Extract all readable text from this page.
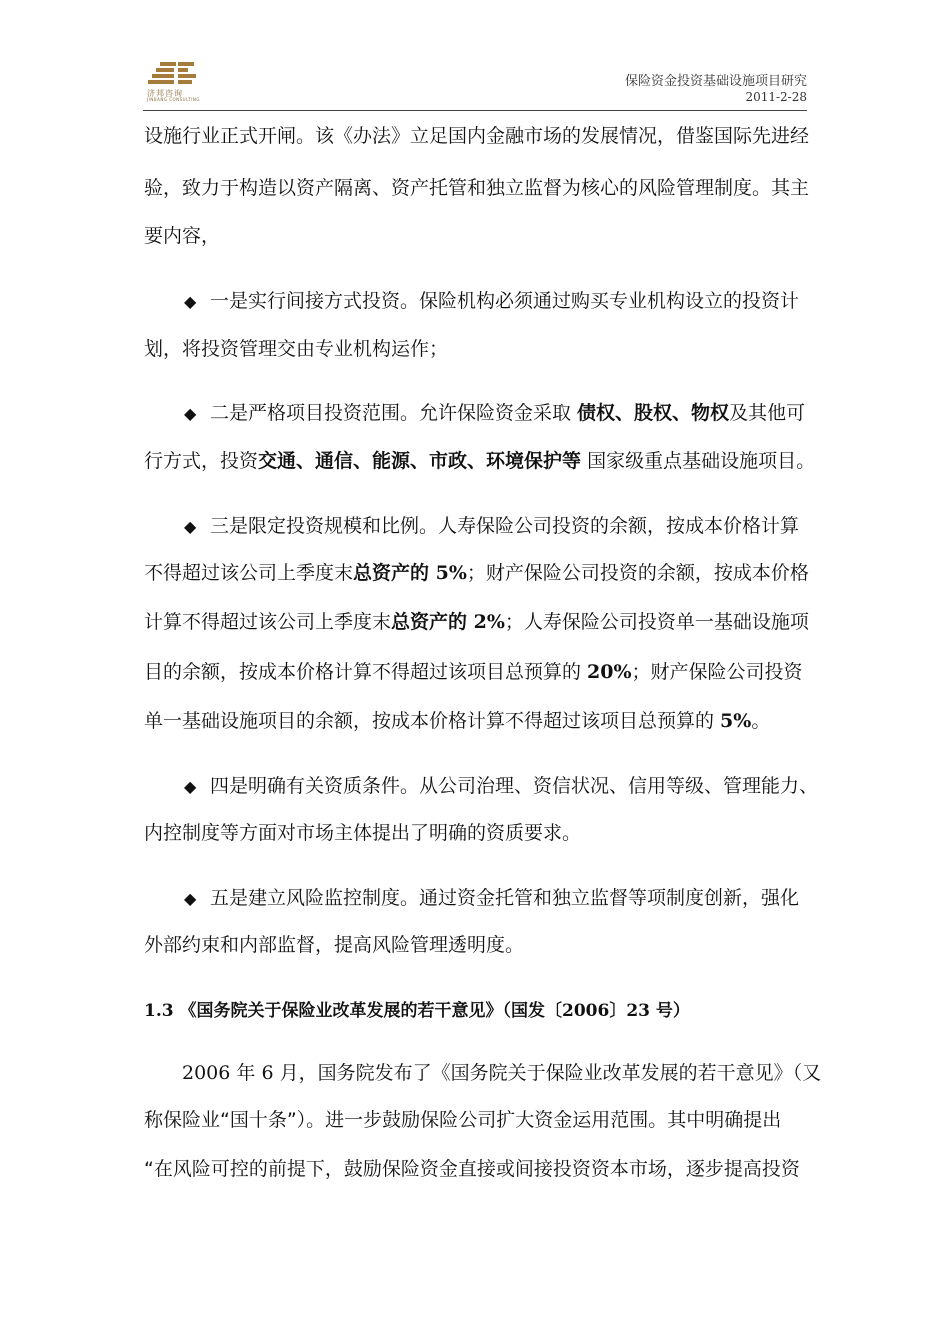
济邦咨询
JINBANG CONSULTING
保险资金投资基础设施项目研究
2011-2-28
设施行业正式开闸。该《办法》立足国内金融市场的发展情况，借鉴国际先进经
验，致力于构造以资产隔离、资产托管和独立监督为核心的风险管理制度。其主
要内容，
◆ 一是实行间接方式投资。保险机构必须通过购买专业机构设立的投资计
划，将投资管理交由专业机构运作；
◆ 二是严格项目投资范围。允许保险资金采取 债权、股权、物权及其他可
行方式，投资交通、通信、能源、市政、环境保护等 国家级重点基础设施项目。
◆ 三是限定投资规模和比例。人寿保险公司投资的余额，按成本价格计算
不得超过该公司上季度末总资产的 5%；财产保险公司投资的余额，按成本价格
计算不得超过该公司上季度末总资产的 2%；人寿保险公司投资单一基础设施项
目的余额，按成本价格计算不得超过该项目总预算的 20%；财产保险公司投资
单一基础设施项目的余额，按成本价格计算不得超过该项目总预算的 5%。
◆ 四是明确有关资质条件。从公司治理、资信状况、信用等级、管理能力、
内控制度等方面对市场主体提出了明确的资质要求。
◆ 五是建立风险监控制度。通过资金托管和独立监督等项制度创新，强化
外部约束和内部监督，提高风险管理透明度。
1.3 《国务院关于保险业改革发展的若干意见》（国发〔2006〕23 号）
2006 年 6 月，国务院发布了《国务院关于保险业改革发展的若干意见》（又
称保险业“国十条”）。进一步鼓励保险公司扩大资金运用范围。其中明确提出
“在风险可控的前提下，鼓励保险资金直接或间接投资资本市场，逐步提高投资
